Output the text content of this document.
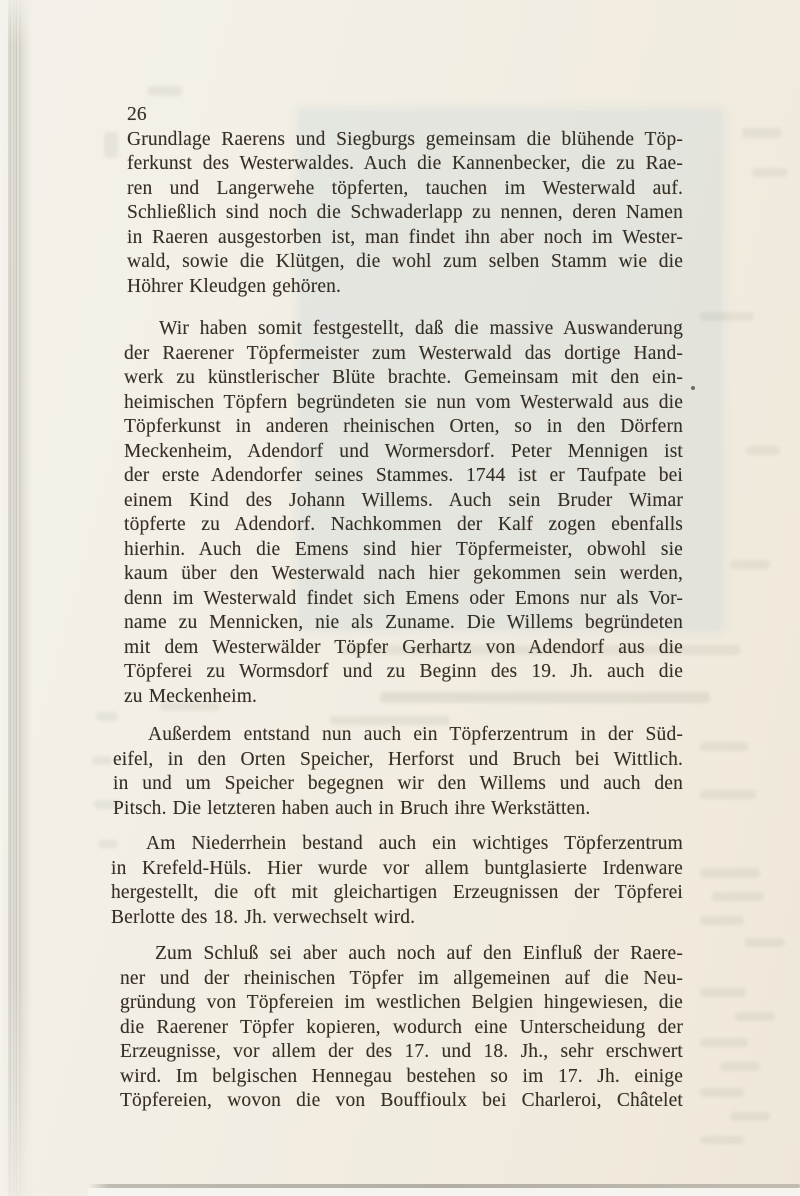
26
Grundlage Raerens und Siegburgs gemeinsam die blühende Töp-
ferkunst des Westerwaldes. Auch die Kannenbecker, die zu Rae-
ren und Langerwehe töpferten, tauchen im Westerwald auf.
Schließlich sind noch die Schwaderlapp zu nennen, deren Namen
in Raeren ausgestorben ist, man findet ihn aber noch im Wester-
wald, sowie die Klütgen, die wohl zum selben Stamm wie die
Höhrer Kleudgen gehören.
Wir haben somit festgestellt, daß die massive Auswanderung
der Raerener Töpfermeister zum Westerwald das dortige Hand-
werk zu künstlerischer Blüte brachte. Gemeinsam mit den ein-
heimischen Töpfern begründeten sie nun vom Westerwald aus die
Töpferkunst in anderen rheinischen Orten, so in den Dörfern
Meckenheim, Adendorf und Wormersdorf. Peter Mennigen ist
der erste Adendorfer seines Stammes. 1744 ist er Taufpate bei
einem Kind des Johann Willems. Auch sein Bruder Wimar
töpferte zu Adendorf. Nachkommen der Kalf zogen ebenfalls
hierhin. Auch die Emens sind hier Töpfermeister, obwohl sie
kaum über den Westerwald nach hier gekommen sein werden,
denn im Westerwald findet sich Emens oder Emons nur als Vor-
name zu Mennicken, nie als Zuname. Die Willems begründeten
mit dem Westerwälder Töpfer Gerhartz von Adendorf aus die
Töpferei zu Wormsdorf und zu Beginn des 19. Jh. auch die
zu Meckenheim.
Außerdem entstand nun auch ein Töpferzentrum in der Süd-
eifel, in den Orten Speicher, Herforst und Bruch bei Wittlich.
in und um Speicher begegnen wir den Willems und auch den
Pitsch. Die letzteren haben auch in Bruch ihre Werkstätten.
Am Niederrhein bestand auch ein wichtiges Töpferzentrum
in Krefeld-Hüls. Hier wurde vor allem buntglasierte Irdenware
hergestellt, die oft mit gleichartigen Erzeugnissen der Töpferei
Berlotte des 18. Jh. verwechselt wird.
Zum Schluß sei aber auch noch auf den Einfluß der Raere-
ner und der rheinischen Töpfer im allgemeinen auf die Neu-
gründung von Töpfereien im westlichen Belgien hingewiesen, die
die Raerener Töpfer kopieren, wodurch eine Unterscheidung der
Erzeugnisse, vor allem der des 17. und 18. Jh., sehr erschwert
wird. Im belgischen Hennegau bestehen so im 17. Jh. einige
Töpfereien, wovon die von Bouffioulx bei Charleroi, Châtelet
